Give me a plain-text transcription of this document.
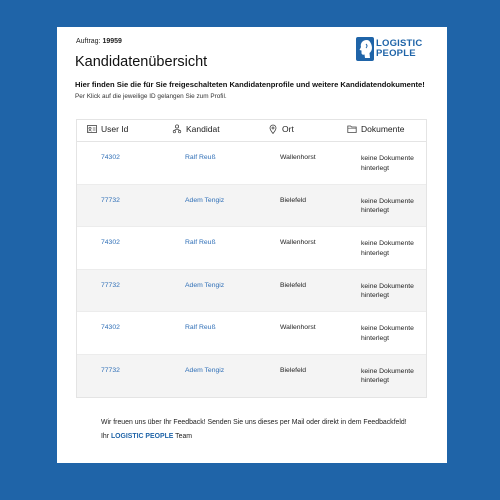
Auftrag: 19959	LOGISTIC
PEOPLE
Kandidatenübersicht
Hier finden Sie die für Sie freigeschalteten Kandidatenprofile und weitere Kandidatendokumente!
Per Klick auf die jeweilige ID gelangen Sie zum Profil.
User Id	Kandidat	Ort	Dokumente
74302	Ralf Reuß	Wallenhorst	keine Dokumente
hinterlegt
77732	Adem Tengiz	Bielefeld	keine Dokumente
hinterlegt
74302	Ralf Reuß	Wallenhorst	keine Dokumente
hinterlegt
77732	Adem Tengiz	Bielefeld	keine Dokumente
hinterlegt
74302	Ralf Reuß	Wallenhorst	keine Dokumente
hinterlegt
77732	Adem Tengiz	Bielefeld	keine Dokumente
hinterlegt
Wir freuen uns über Ihr Feedback! Senden Sie uns dieses per Mail oder direkt in dem Feedbackfeld!
Ihr LOGISTIC PEOPLE Team
